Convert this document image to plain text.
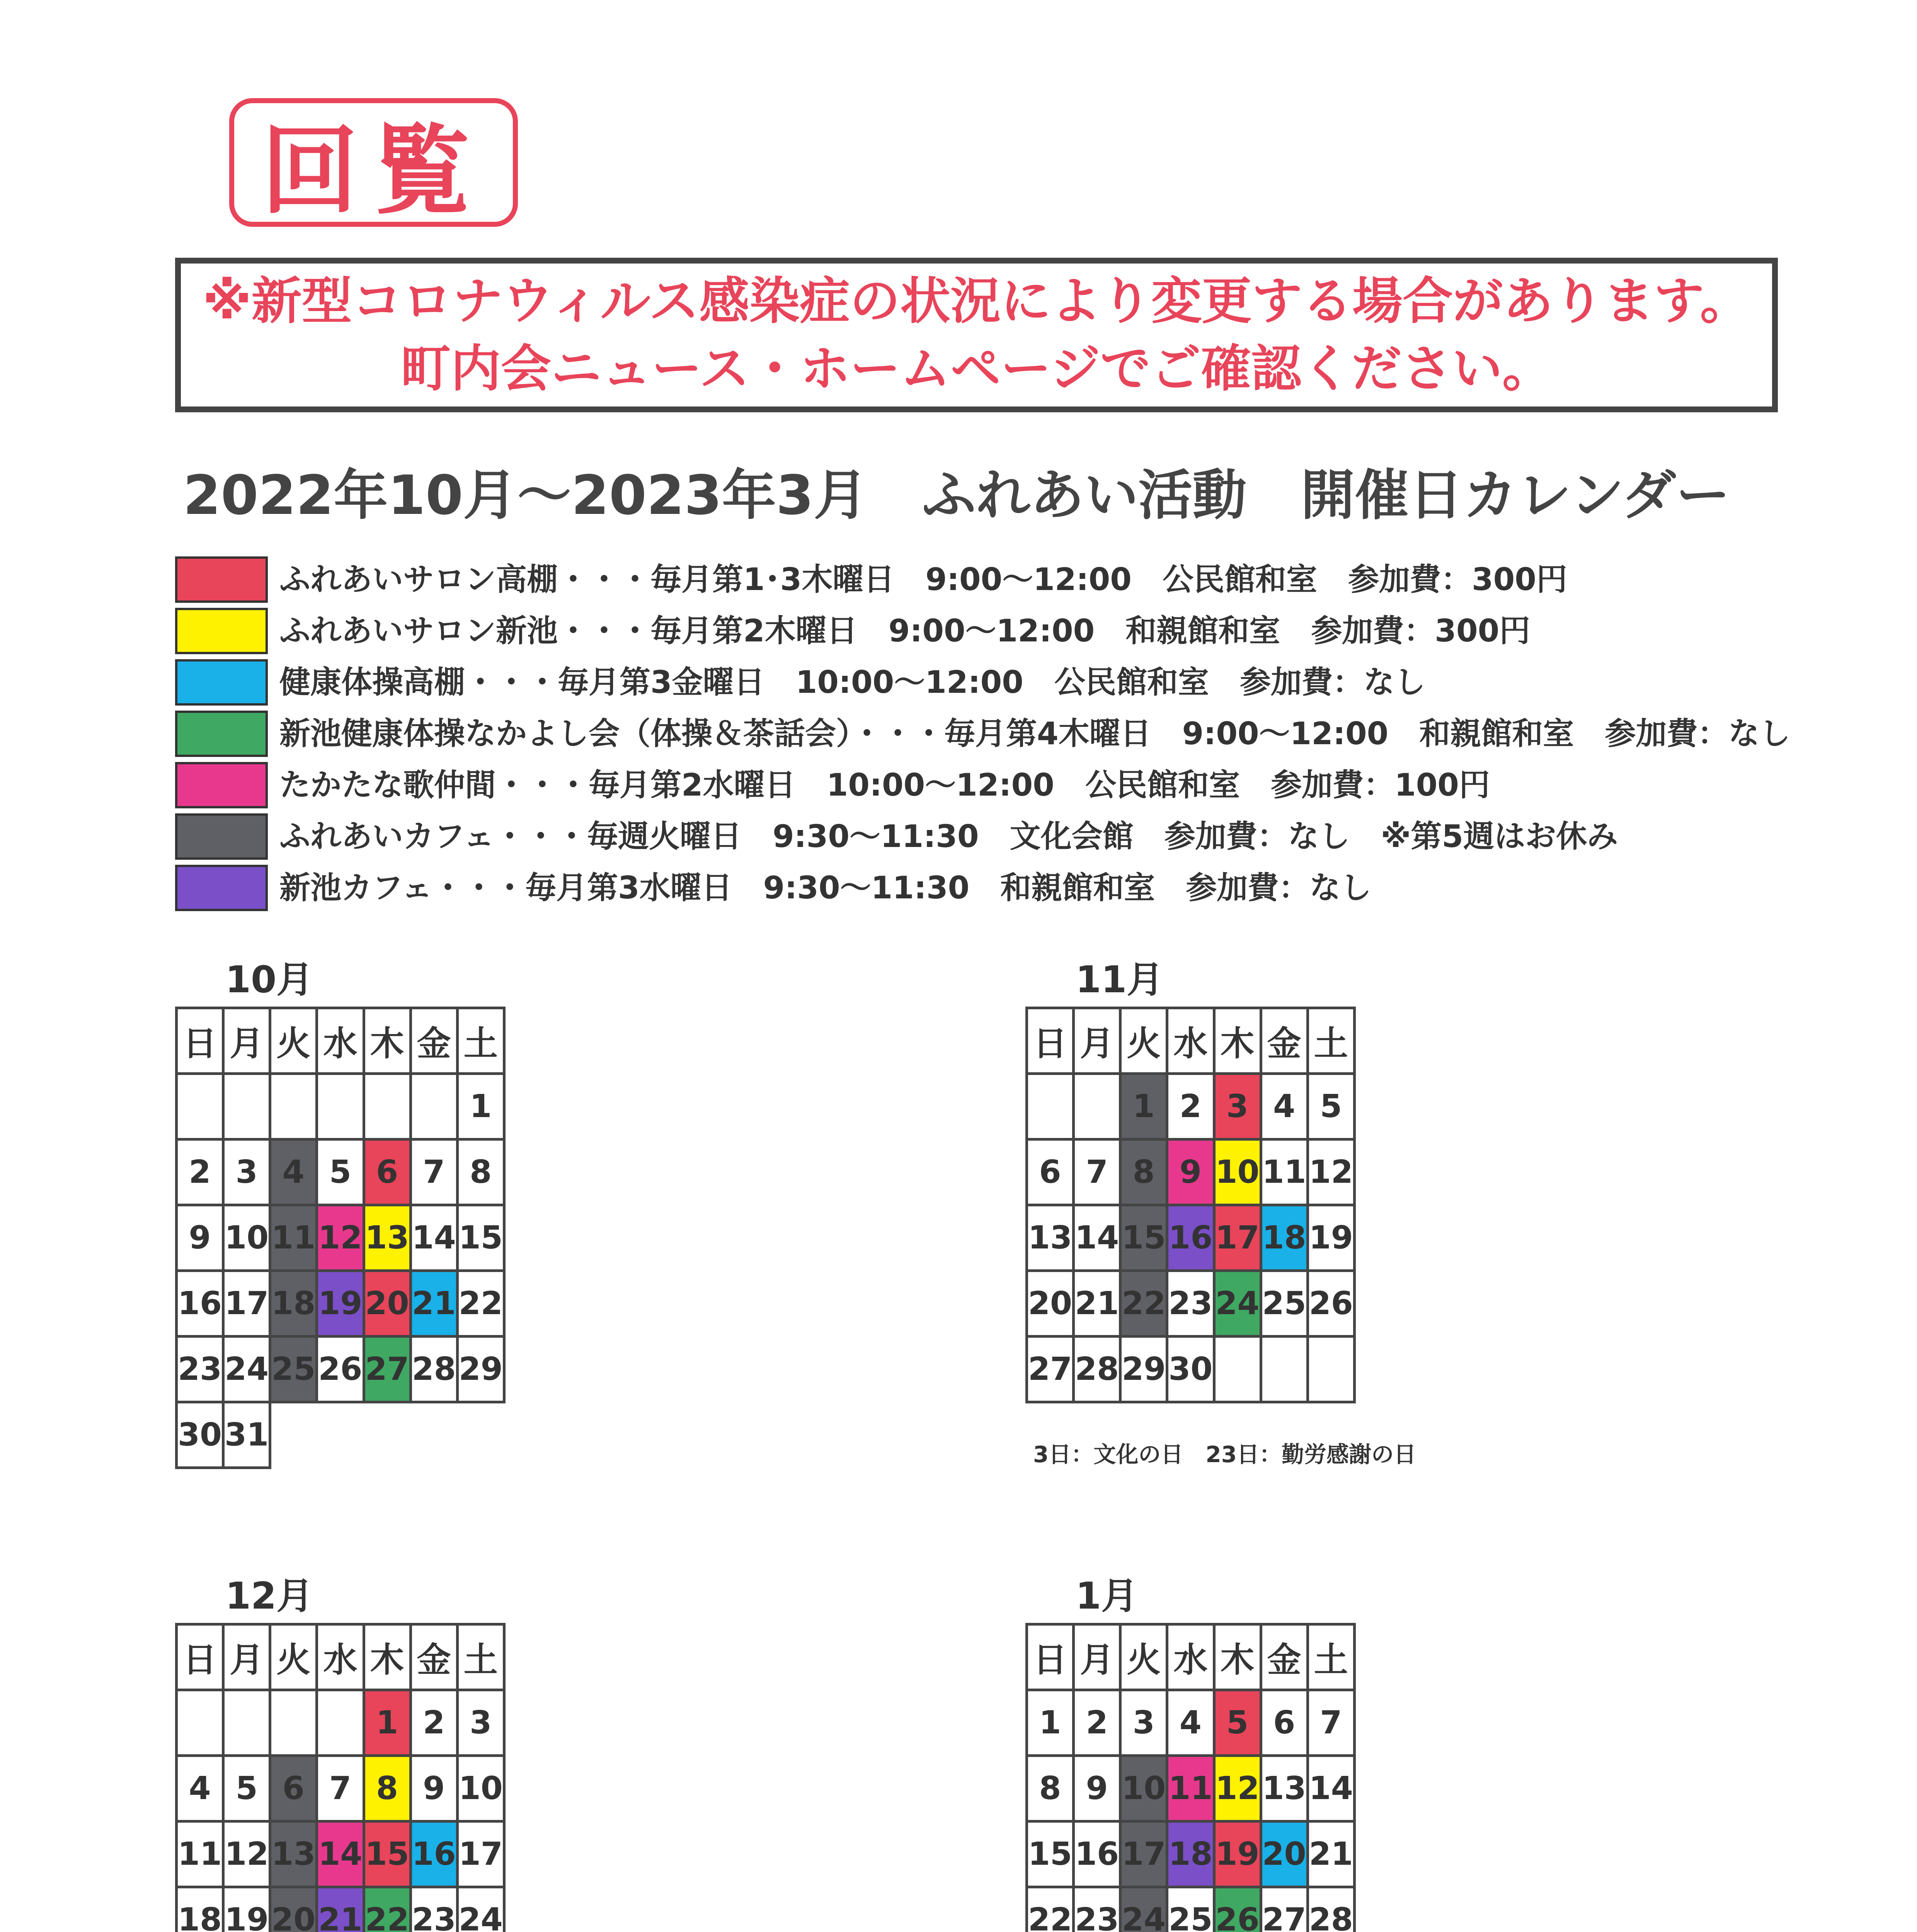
回覧
※新型コロナウィルス感染症の状況により変更する場合があります。
町内会ニュース・ホームページでご確認ください。
2022年10月～2023年3月　ふれあい活動　開催日カレンダー
ふれあいサロン高棚・・・毎月第1･3木曜日　9:00～12:00　公民館和室　参加費：300円
ふれあいサロン新池・・・毎月第2木曜日　9:00～12:00　和親館和室　参加費：300円
健康体操高棚・・・毎月第3金曜日　10:00～12:00　公民館和室　参加費：なし
新池健康体操なかよし会（体操＆茶話会）・・・毎月第4木曜日　9:00～12:00　和親館和室　参加費：なし
たかたな歌仲間・・・毎月第2水曜日　10:00～12:00　公民館和室　参加費：100円
ふれあいカフェ・・・毎週火曜日　9:30～11:30　文化会館　参加費：なし　※第5週はお休み
新池カフェ・・・毎月第3水曜日　9:30～11:30　和親館和室　参加費：なし
10月
日	月	火	水	木	金	土
						1
2	3	4	5	6	7	8
9	10	11	12	13	14	15
16	17	18	19	20	21	22
23	24	25	26	27	28	29
30	31					
11月
日	月	火	水	木	金	土
		1	2	3	4	5
6	7	8	9	10	11	12
13	14	15	16	17	18	19
20	21	22	23	24	25	26
27	28	29	30			
3日：文化の日　23日：勤労感謝の日
12月
日	月	火	水	木	金	土
				1	2	3
4	5	6	7	8	9	10
11	12	13	14	15	16	17
18	19	20	21	22	23	24

1月
日	月	火	水	木	金	土
1	2	3	4	5	6	7
8	9	10	11	12	13	14
15	16	17	18	19	20	21
22	23	24	25	26	27	28
